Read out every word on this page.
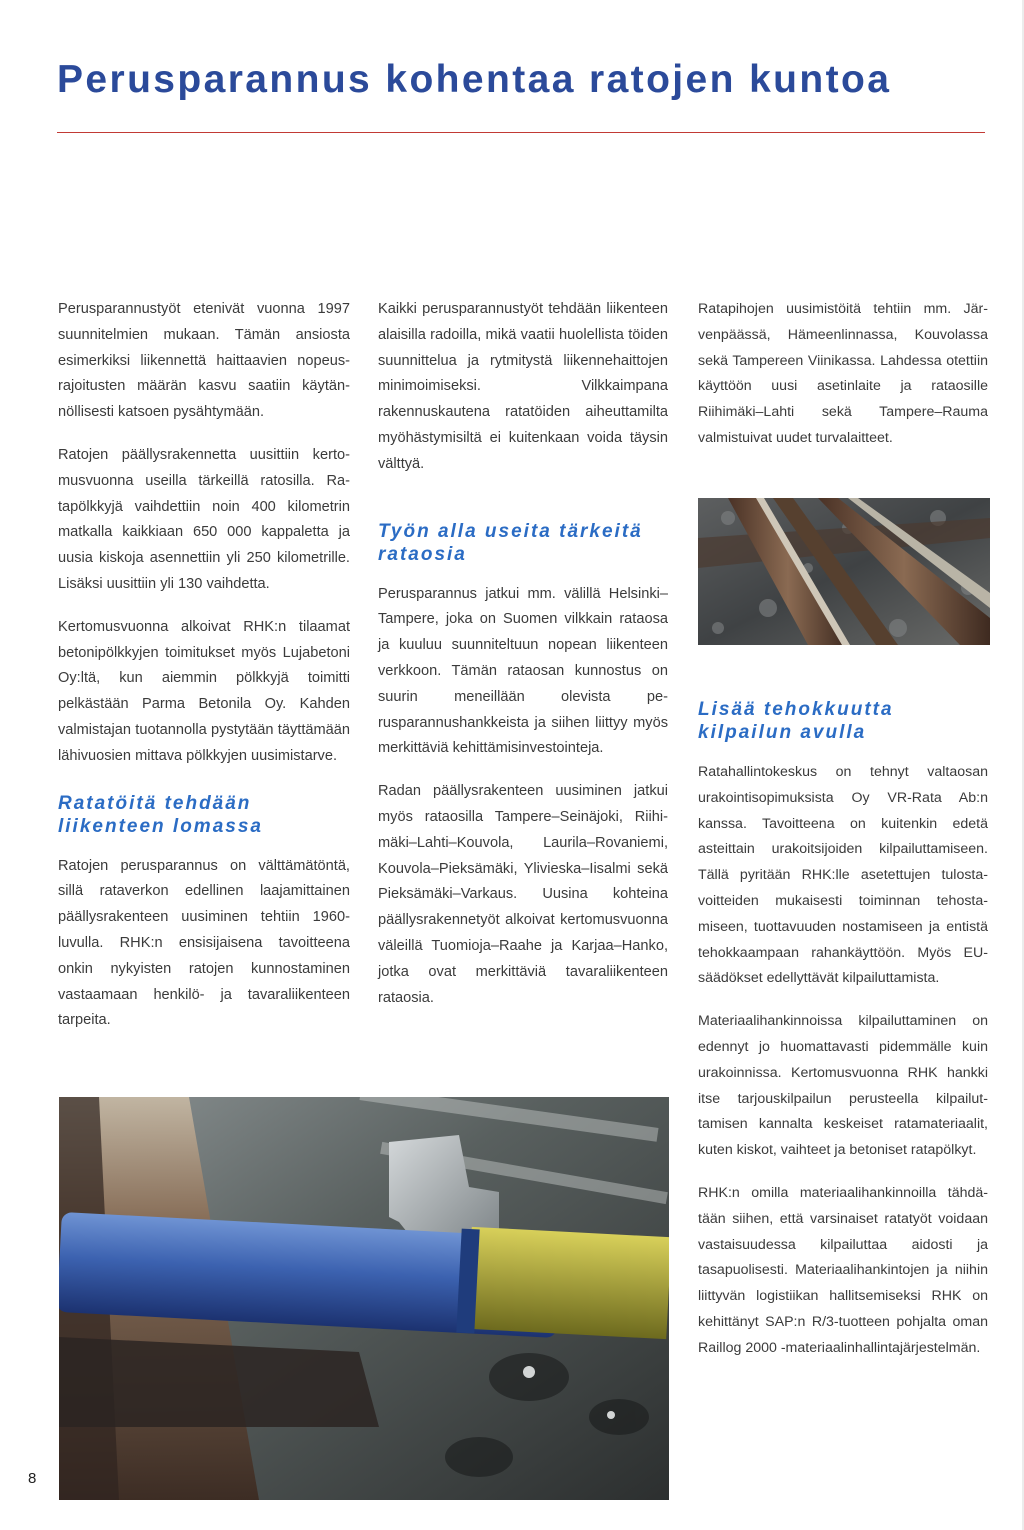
Perusparannus kohentaa ratojen kuntoa

Perusparannustyöt etenivät vuonna 1997 suunnitelmien mukaan. Tämän ansiosta esimerkiksi liikennettä haittaavien nopeusrajoitusten määrän kasvu saatiin käytännöllisesti katsoen pysähtymään.

Ratojen päällysrakennetta uusittiin kertomusvuonna useilla tärkeillä ratosilla. Ratapölkkyjä vaihdettiin noin 400 kilometrin matkalla kaikkiaan 650 000 kappaletta ja uusia kiskoja asennettiin yli 250 kilometrille. Lisäksi uusittiin yli 130 vaihdetta.

Kertomusvuonna alkoivat RHK:n tilaamat betonipölkkyjen toimitukset myös Lujabetoni Oy:ltä, kun aiemmin pölkkyjä toimitti pelkästään Parma Betonila Oy. Kahden valmistajan tuotannolla pystytään täyttämään lähivuosien mittava pölkkyjen uusimistarve.

Ratatöitä tehdään liikenteen lomassa

Ratojen perusparannus on välttämätöntä, sillä rataverkon edellinen laajamittainen päällysrakenteen uusiminen tehtiin 1960-luvulla. RHK:n ensisijaisena tavoitteena onkin nykyisten ratojen kunnostaminen vastaamaan henkilö- ja tavaraliikenteen tarpeita.

Kaikki perusparannustyöt tehdään liikenteen alaisilla radoilla, mikä vaatii huolellista töiden suunnittelua ja rytmitystä liikennehaittojen minimoimiseksi. Vilkkaimpana rakennuskautena ratatöiden aiheuttamilta myöhästymisiltä ei kuitenkaan voida täysin välttyä.

Työn alla useita tärkeitä rataosia

Perusparannus jatkui mm. välillä Helsinki–Tampere, joka on Suomen vilkkain rataosa ja kuuluu suunniteltuun nopean liikenteen verkkoon. Tämän rataosan kunnostus on suurin meneillään olevista perusparannushankkeista ja siihen liittyy myös merkittäviä kehittämisinvestointeja.

Radan päällysrakenteen uusiminen jatkui myös rataosilla Tampere–Seinäjoki, Riihimäki–Lahti–Kouvola, Laurila–Rovaniemi, Kouvola–Pieksämäki, Ylivieska–Iisalmi sekä Pieksämäki–Varkaus. Uusina kohteina päällysrakennetyöt alkoivat kertomusvuonna väleillä Tuomioja–Raahe ja Karjaa–Hanko, jotka ovat merkittäviä tavaraliikenteen rataosia.

Ratapihojen uusimistöitä tehtiin mm. Järvenpäässä, Hämeenlinnassa, Kouvolassa sekä Tampereen Viinikassa. Lahdessa otettiin käyttöön uusi asetinlaite ja rataosille Riihimäki–Lahti sekä Tampere–Rauma valmistuivat uudet turvalaitteet.

Lisää tehokkuutta kilpailun avulla

Ratahallintokeskus on tehnyt valtaosan urakointisopimuksista Oy VR-Rata Ab:n kanssa. Tavoitteena on kuitenkin edetä asteittain urakoitsijoiden kilpailuttamiseen. Tällä pyritään RHK:lle asetettujen tulostavoitteiden mukaisesti toiminnan tehostamiseen, tuottavuuden nostamiseen ja entistä tehokkaampaan rahankäyttöön. Myös EU-säädökset edellyttävät kilpailuttamista.

Materiaalihankinnoissa kilpailuttaminen on edennyt jo huomattavasti pidemmälle kuin urakoinnissa. Kertomusvuonna RHK hankki itse tarjouskilpailun perusteella kilpailuttamisen kannalta keskeiset ratamateriaalit, kuten kiskot, vaihteet ja betoniset ratapölkyt.

RHK:n omilla materiaalihankinnoilla tähdätään siihen, että varsinaiset ratatyöt voidaan vastaisuudessa kilpailuttaa aidosti ja tasapuolisesti. Materiaalihankintojen ja niihin liittyvän logistiikan hallitsemiseksi RHK on kehittänyt SAP:n R/3-tuotteen pohjalta oman Raillog 2000 -materiaalinhallintajärjestelmän.

8
